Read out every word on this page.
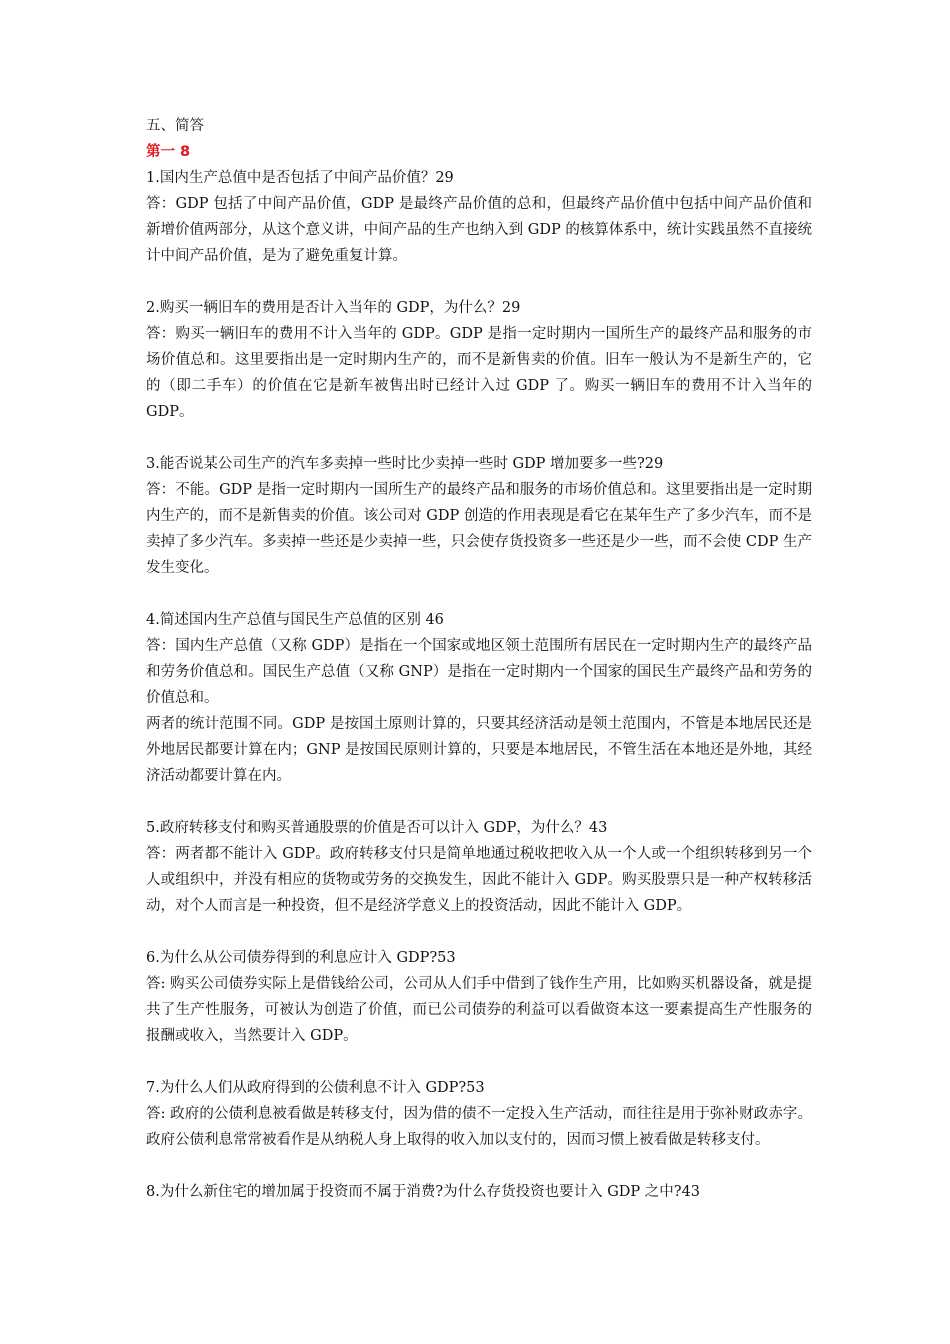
五、简答

第一 8

1.国内生产总值中是否包括了中间产品价值？29

答：GDP 包括了中间产品价值，GDP 是最终产品价值的总和，但最终产品价值中包括中间产品价值和新增价值两部分，从这个意义讲，中间产品的生产也纳入到 GDP 的核算体系中，统计实践虽然不直接统计中间产品价值，是为了避免重复计算。

2.购买一辆旧车的费用是否计入当年的 GDP，为什么？29

答：购买一辆旧车的费用不计入当年的 GDP。GDP 是指一定时期内一国所生产的最终产品和服务的市场价值总和。这里要指出是一定时期内生产的，而不是新售卖的价值。旧车一般认为不是新生产的，它的（即二手车）的价值在它是新车被售出时已经计入过 GDP 了。购买一辆旧车的费用不计入当年的 GDP。

3.能否说某公司生产的汽车多卖掉一些时比少卖掉一些时 GDP 增加要多一些?29

答：不能。GDP 是指一定时期内一国所生产的最终产品和服务的市场价值总和。这里要指出是一定时期内生产的，而不是新售卖的价值。该公司对 GDP 创造的作用表现是看它在某年生产了多少汽车，而不是卖掉了多少汽车。多卖掉一些还是少卖掉一些，只会使存货投资多一些还是少一些，而不会使 CDP 生产发生变化。

4.简述国内生产总值与国民生产总值的区别 46

答：国内生产总值（又称 GDP）是指在一个国家或地区领土范围所有居民在一定时期内生产的最终产品和劳务价值总和。国民生产总值（又称 GNP）是指在一定时期内一个国家的国民生产最终产品和劳务的价值总和。

两者的统计范围不同。GDP 是按国土原则计算的，只要其经济活动是领土范围内，不管是本地居民还是外地居民都要计算在内；GNP 是按国民原则计算的，只要是本地居民，不管生活在本地还是外地，其经济活动都要计算在内。

5.政府转移支付和购买普通股票的价值是否可以计入 GDP，为什么？43

答：两者都不能计入 GDP。政府转移支付只是简单地通过税收把收入从一个人或一个组织转移到另一个人或组织中，并没有相应的货物或劳务的交换发生，因此不能计入 GDP。购买股票只是一种产权转移活动，对个人而言是一种投资，但不是经济学意义上的投资活动，因此不能计入 GDP。

6.为什么从公司债券得到的利息应计入 GDP?53

答: 购买公司债券实际上是借钱给公司，公司从人们手中借到了钱作生产用，比如购买机器设备，就是提共了生产性服务，可被认为创造了价值，而已公司债券的利益可以看做资本这一要素提高生产性服务的报酬或收入，当然要计入 GDP。

7.为什么人们从政府得到的公债利息不计入 GDP?53

答: 政府的公债利息被看做是转移支付，因为借的债不一定投入生产活动，而往往是用于弥补财政赤字。政府公债利息常常被看作是从纳税人身上取得的收入加以支付的，因而习惯上被看做是转移支付。

8.为什么新住宅的增加属于投资而不属于消费?为什么存货投资也要计入 GDP 之中?43
